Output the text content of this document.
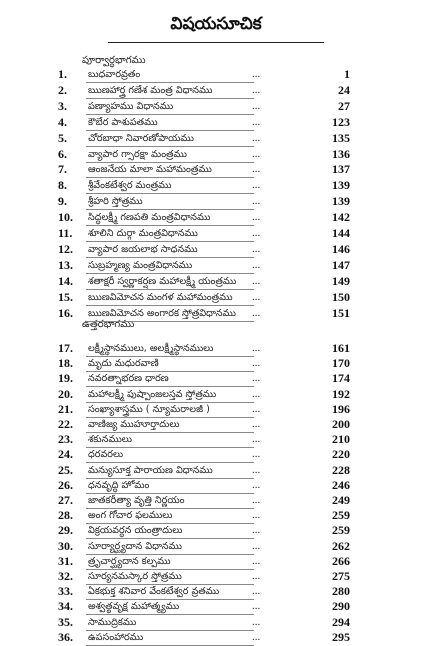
విషయసూచిక
పూర్వార్ధభాగము
ఉత్తరభాగము
1.	బుధవారవ్రతం	...	1
2.	ఋణహార్త్ర గణేశ మంత్ర విధానము	...	24
3.	పణ్యాహము విధానము	...	27
4.	కౌబేర పాశుపతము	...	123
5.	చోరబాధా నివారణోపాయము	...	135
6.	వ్యాపార గ్సారక్షా మంత్రము	...	136
7.	ఆంజనేయ మాలా మహామంత్రము	...	137
8.	శ్రీవేంకటేశ్వర మంత్రము	...	139
9.	శ్రీహరి స్తోత్రము	...	139
10.	సిద్ధలక్ష్మీ గణపతి మంత్రవిధానము	...	142
11.	శూలిని దుర్గా మంత్రవిధానము	...	144
12.	వ్యాపార జయలాభ సాధనము	...	146
13.	సుబ్రహ్మణ్య మంత్రవిధానము	...	147
14.	శతాక్షరీ స్వర్ణాకర్షణ మహాలక్ష్మీ యంత్రము	...	149
15.	ఋణవిమోచన మంగళ మహామంత్రము	...	150
16.	ఋణవిమోచన అంగారక స్తోత్రవిధానము	...	151
17.	లక్ష్మీస్థానములు, అలక్ష్మీస్థానములు	...	161
18.	మృదు మధురవాణి	...	170
19.	నవరత్నాభరణ ధారణ	...	174
20.	మహాలక్ష్మీ పుష్పాంజలస్తవ స్తోత్రము	...	192
21.	సంఖ్యాశాస్త్రము ( న్యూమరాలజీ )	...	196
22.	వాణిజ్య ముహూర్తాదులు	...	200
23.	శకునములు	...	210
24.	ధరవరలు	...	220
25.	మన్యుసూక్త పారాయణ విధానము	...	228
26.	ధనవృద్ధి హోమం	...	246
27.	జాతకరీత్యా వృత్తి నిర్ణయం	...	249
28.	అంగ గోచార ఫలములు	...	259
29.	విక్రయవర్ధన యంత్రాదులు	...	259
30.	సూర్యార్ఘ్యదాన విధానము	...	262
31.	త్రృచార్ఘ్యదాన కల్పము	...	266
32.	సూర్యనమస్కార స్తోత్రము	...	275
33.	ఏకభుక్త శనివార వేంకటేశ్వర వ్రతము	...	280
34.	అశ్వత్థవృక్ష మహాత్మ్యము	...	290
35.	సాముద్రికము	...	294
36.	ఉపసంహారము	...	295
